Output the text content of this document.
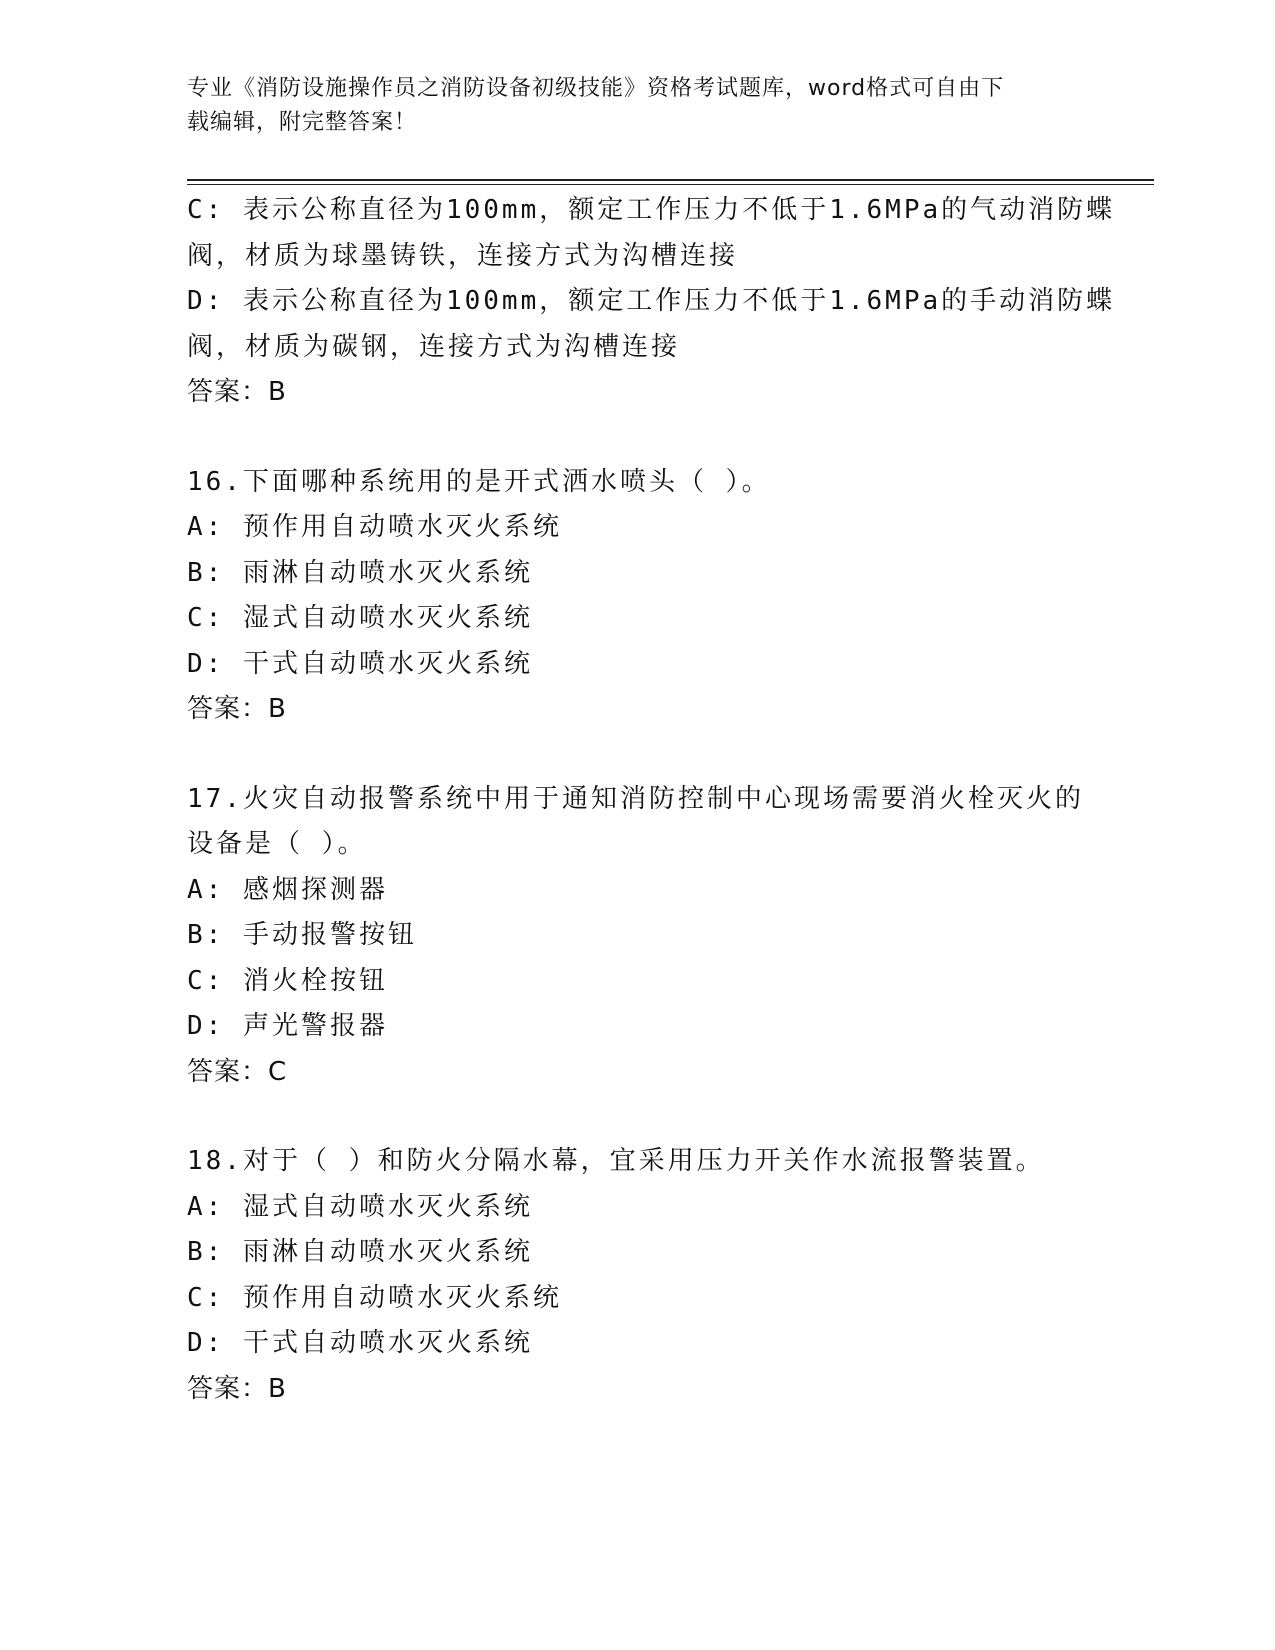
专业《消防设施操作员之消防设备初级技能》资格考试题库，word格式可自由下
载编辑，附完整答案！
C: 表示公称直径为100mm，额定工作压力不低于1.6MPa的气动消防蝶
阀，材质为球墨铸铁，连接方式为沟槽连接
D: 表示公称直径为100mm，额定工作压力不低于1.6MPa的手动消防蝶
阀，材质为碳钢，连接方式为沟槽连接
答案：B
16.下面哪种系统用的是开式洒水喷头（ ）。
A: 预作用自动喷水灭火系统
B: 雨淋自动喷水灭火系统
C: 湿式自动喷水灭火系统
D: 干式自动喷水灭火系统
答案：B
17.火灾自动报警系统中用于通知消防控制中心现场需要消火栓灭火的
设备是（ ）。
A: 感烟探测器
B: 手动报警按钮
C: 消火栓按钮
D: 声光警报器
答案：C
18.对于（ ）和防火分隔水幕，宜采用压力开关作水流报警装置。
A: 湿式自动喷水灭火系统
B: 雨淋自动喷水灭火系统
C: 预作用自动喷水灭火系统
D: 干式自动喷水灭火系统
答案：B
